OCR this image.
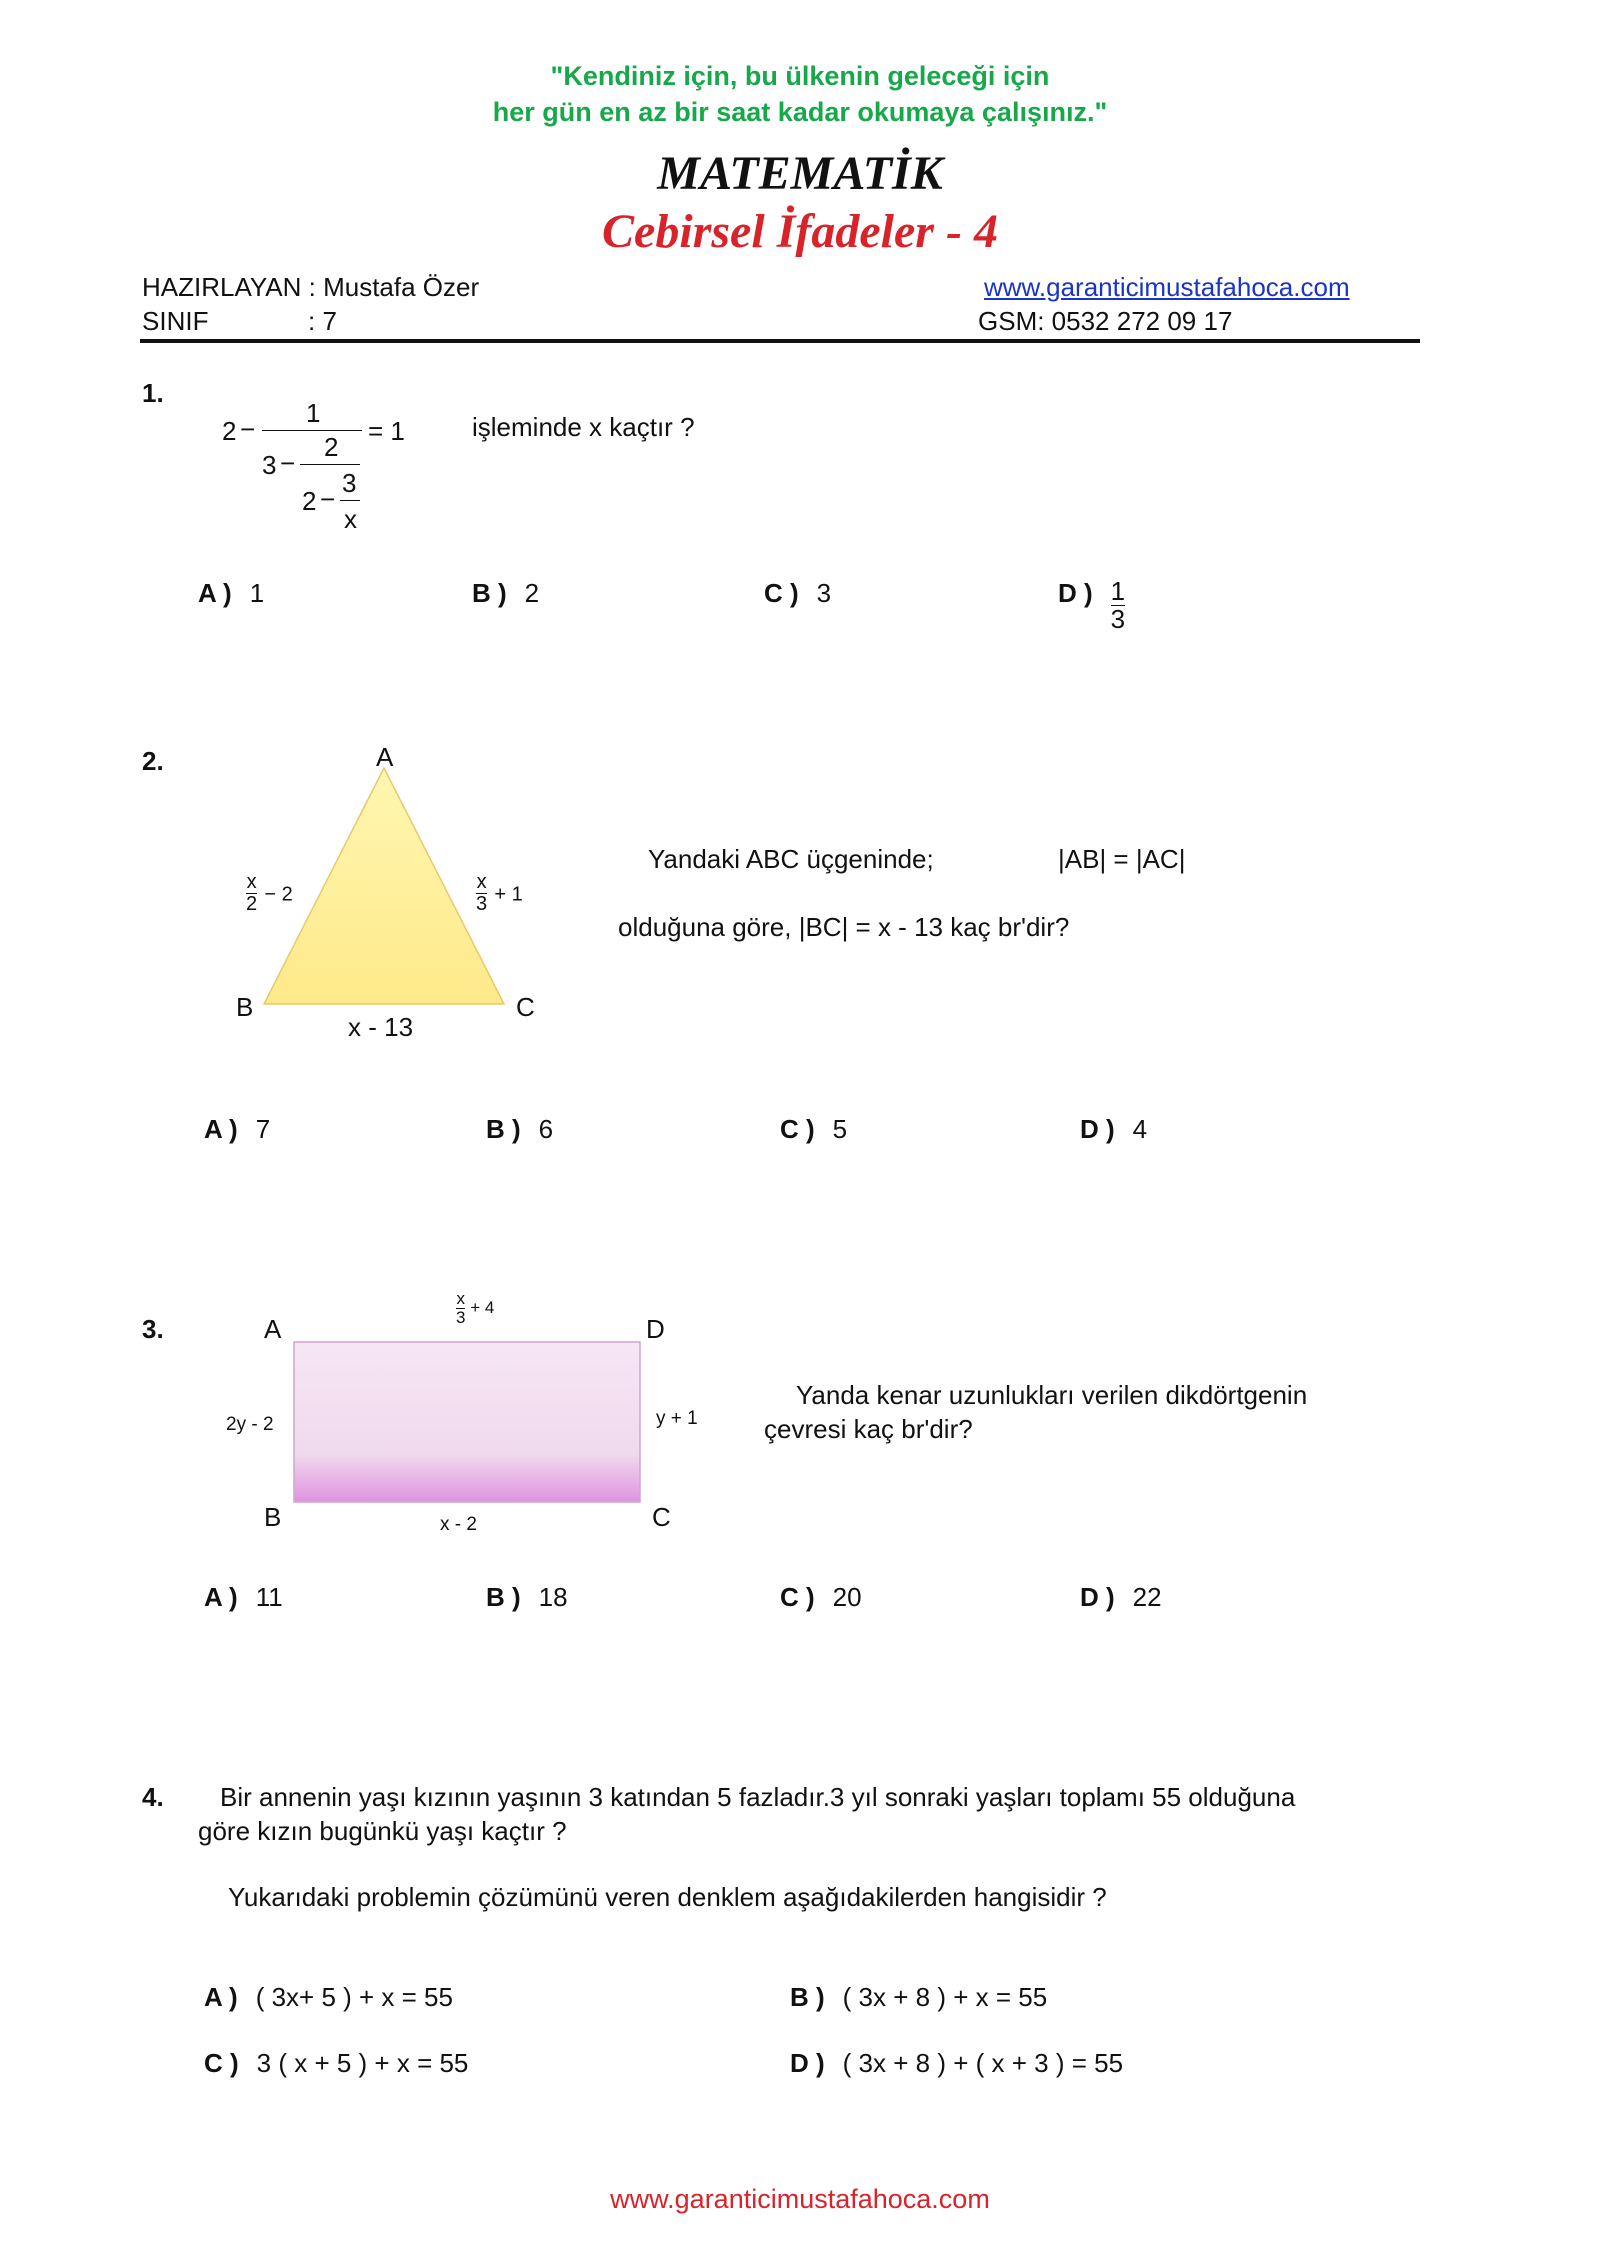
"Kendiniz için, bu ülkenin geleceği için
her gün en az bir saat kadar okumaya çalışınız."
MATEMATİK
Cebirsel İfadeler - 4
HAZIRLAYAN : Mustafa Özer
SINIF	: 7
www.garanticimustafahoca.com
GSM: 0532 272 09 17
1.
2 −
1
= 1
3 −
2
2 −
3
x
işleminde x kaçtır ?
A ) 1	B ) 2	C ) 3	D ) $\frac{1}{3}$
2.	A
B	C
$\frac{x}{2} - 2$	$\frac{x}{3} + 1$
x - 13
Yandaki ABC üçgeninde;	|AB| = |AC|
olduğuna göre, |BC| = x - 13 kaç br'dir?
A ) 7	B ) 6	C ) 5	D ) 4
3.	A	D
B	C
$\frac{x}{3} + 4$
2y - 2	y + 1
x - 2
Yanda kenar uzunlukları verilen dikdörtgenin
çevresi kaç br'dir?
A ) 11	B ) 18	C ) 20	D ) 22
4. Bir annenin yaşı kızının yaşının 3 katından 5 fazladır.3 yıl sonraki yaşları toplamı 55 olduğuna
göre kızın bugünkü yaşı kaçtır ?
Yukarıdaki problemin çözümünü veren denklem aşağıdakilerden hangisidir ?
A ) ( 3x+ 5 ) + x = 55	B ) ( 3x + 8 ) + x = 55
C ) 3 ( x + 5 ) + x = 55	D ) ( 3x + 8 ) + ( x + 3 ) = 55
www.garanticimustafahoca.com
